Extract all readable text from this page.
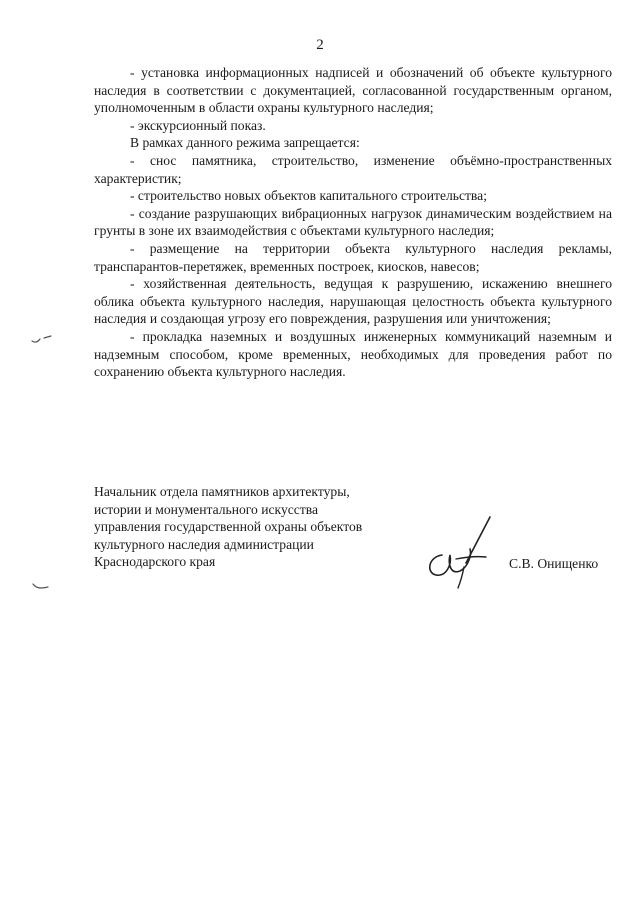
2

- установка информационных надписей и обозначений об объекте культурного наследия в соответствии с документацией, согласованной государственным органом, уполномоченным в области охраны культурного наследия;

- экскурсионный показ.

В рамках данного режима запрещается:

- снос памятника, строительство, изменение объёмно-пространственных характеристик;

- строительство новых объектов капитального строительства;

- создание разрушающих вибрационных нагрузок динамическим воздействием на грунты в зоне их взаимодействия с объектами культурного наследия;

- размещение на территории объекта культурного наследия рекламы, транспарантов-перетяжек, временных построек, киосков, навесов;

- хозяйственная деятельность, ведущая к разрушению, искажению внешнего облика объекта культурного наследия, нарушающая целостность объекта культурного наследия и создающая угрозу его повреждения, разрушения или уничтожения;

- прокладка наземных и воздушных инженерных коммуникаций наземным и надземным способом, кроме временных, необходимых для проведения работ по сохранению объекта культурного наследия.

Начальник отдела памятников архитектуры,
истории и монументального искусства
управления государственной охраны объектов
культурного наследия администрации
Краснодарского края	С.В. Онищенко
